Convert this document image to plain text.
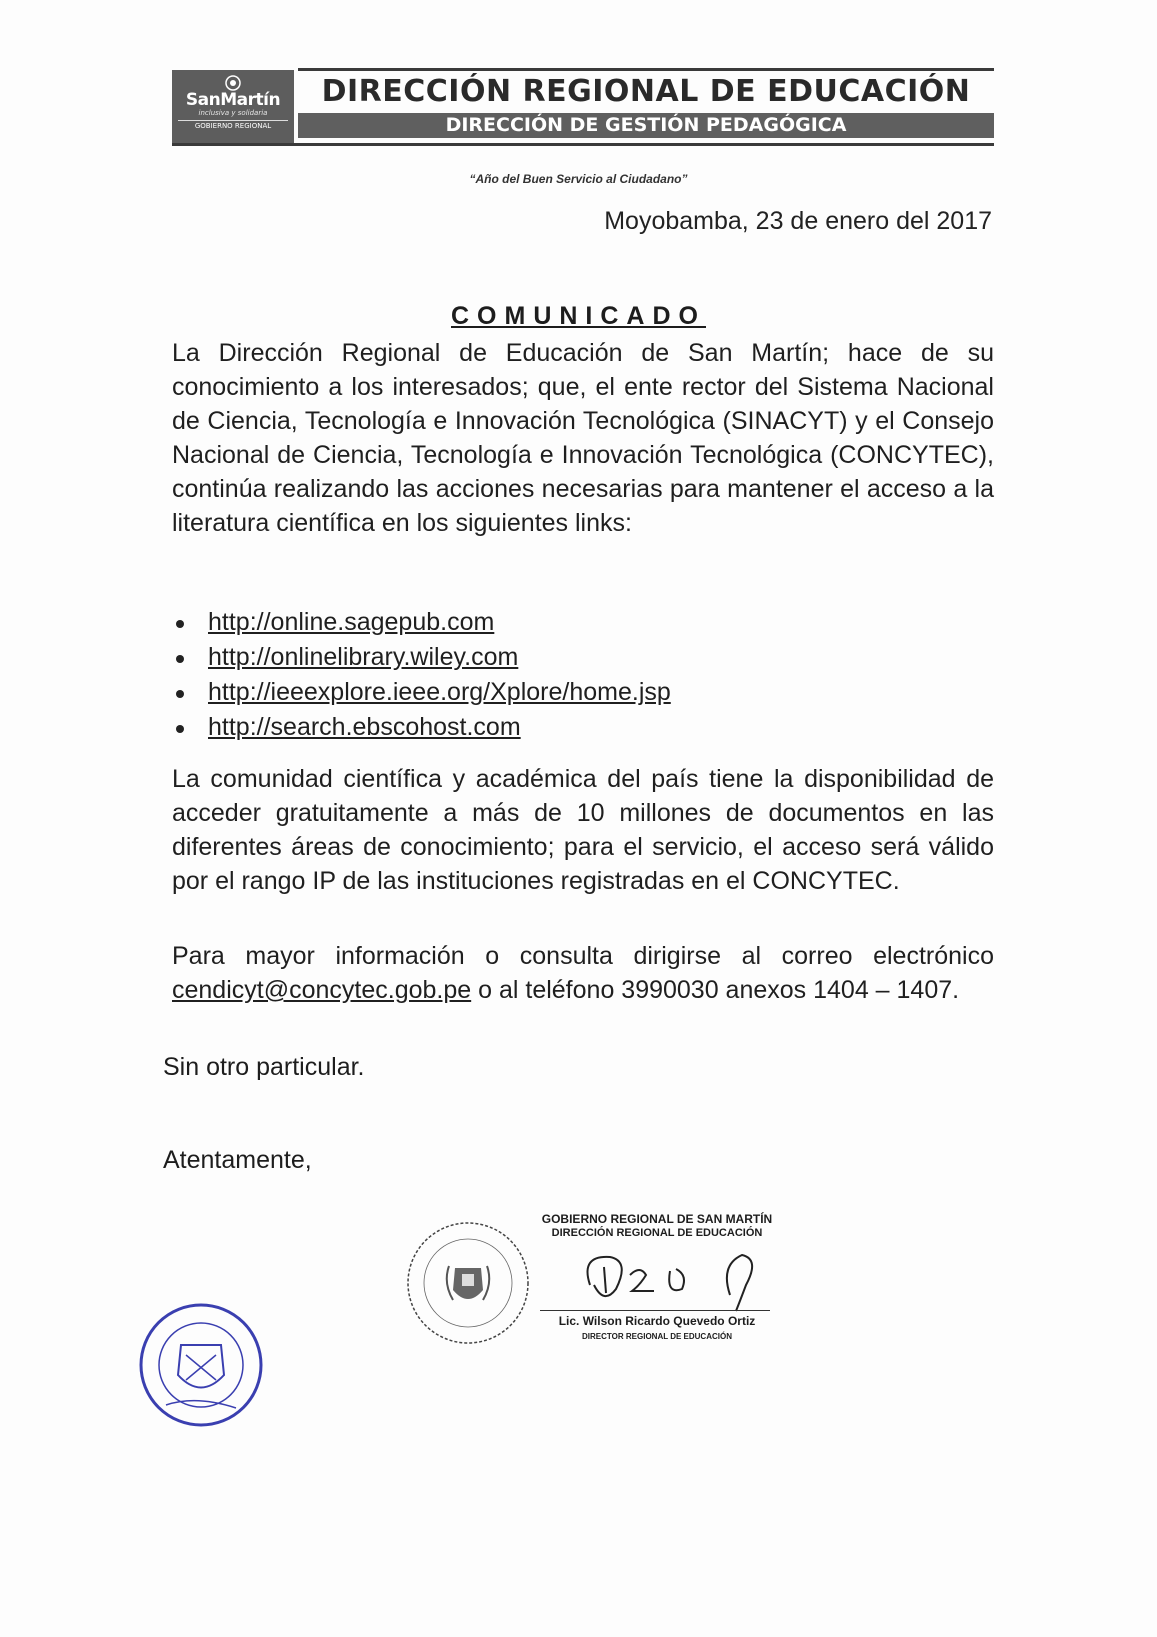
SanMartín
inclusiva y solidaria
GOBIERNO REGIONAL
DIRECCIÓN REGIONAL DE EDUCACIÓN
DIRECCIÓN DE GESTIÓN PEDAGÓGICA
“Año del Buen Servicio al Ciudadano”
Moyobamba, 23 de enero del 2017
COMUNICADO

La Dirección Regional de Educación de San Martín; hace de su conocimiento a los interesados; que, el ente rector del Sistema Nacional de Ciencia, Tecnología e Innovación Tecnológica (SINACYT) y el Consejo Nacional de Ciencia, Tecnología e Innovación Tecnológica (CONCYTEC), continúa realizando las acciones necesarias para mantener el acceso a la literatura científica en los siguientes links:

http://online.sagepub.com
http://onlinelibrary.wiley.com
http://ieeexplore.ieee.org/Xplore/home.jsp
http://search.ebscohost.com

La comunidad científica y académica del país tiene la disponibilidad de acceder gratuitamente a más de 10 millones de documentos en las diferentes áreas de conocimiento; para el servicio, el acceso será válido por el rango IP de las instituciones registradas en el CONCYTEC.

Para mayor información o consulta dirigirse al correo electrónico cendicyt@concytec.gob.pe o al teléfono 3990030 anexos 1404 – 1407.

Sin otro particular.
Atentamente,
GOBIERNO REGIONAL DE SAN MARTÍN
DIRECCIÓN REGIONAL DE EDUCACIÓN
Lic. Wilson Ricardo Quevedo Ortiz
DIRECTOR REGIONAL DE EDUCACIÓN
